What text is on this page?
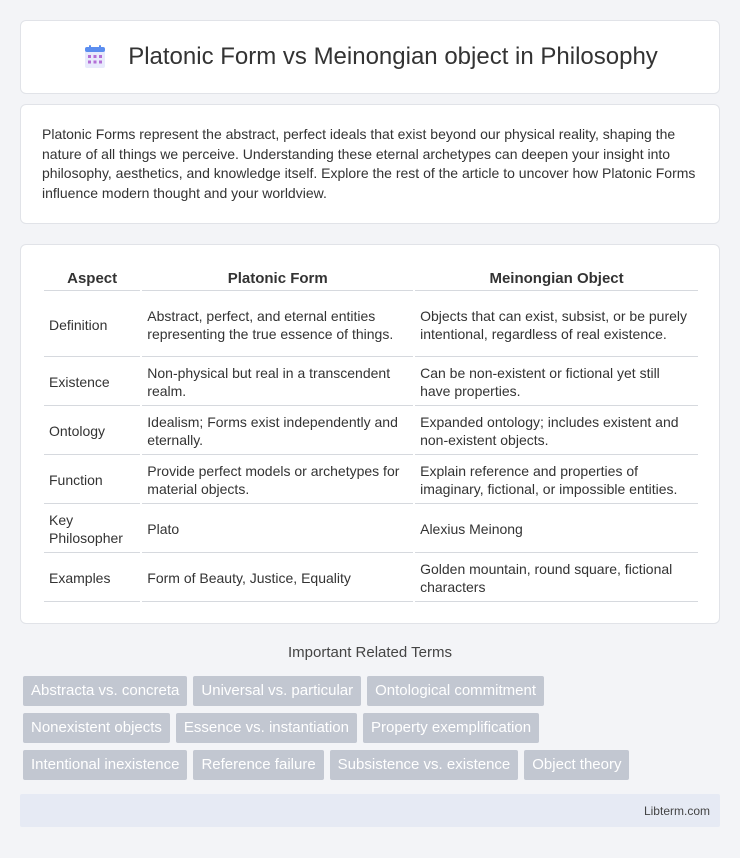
Platonic Form vs Meinongian object in Philosophy

Platonic Forms represent the abstract, perfect ideals that exist beyond our physical reality, shaping the nature of all things we perceive. Understanding these eternal archetypes can deepen your insight into philosophy, aesthetics, and knowledge itself. Explore the rest of the article to uncover how Platonic Forms influence modern thought and your worldview.

Aspect	Platonic Form	Meinongian Object
Definition	Abstract, perfect, and eternal entities representing the true essence of things.	Objects that can exist, subsist, or be purely intentional, regardless of real existence.
Existence	Non-physical but real in a transcendent realm.	Can be non-existent or fictional yet still have properties.
Ontology	Idealism; Forms exist independently and eternally.	Expanded ontology; includes existent and non-existent objects.
Function	Provide perfect models or archetypes for material objects.	Explain reference and properties of imaginary, fictional, or impossible entities.
Key Philosopher	Plato	Alexius Meinong
Examples	Form of Beauty, Justice, Equality	Golden mountain, round square, fictional characters
Important Related Terms
Abstracta vs. concreta	Universal vs. particular	Ontological commitment
Nonexistent objects	Essence vs. instantiation	Property exemplification
Intentional inexistence	Reference failure	Subsistence vs. existence	Object theory
Libterm.com
